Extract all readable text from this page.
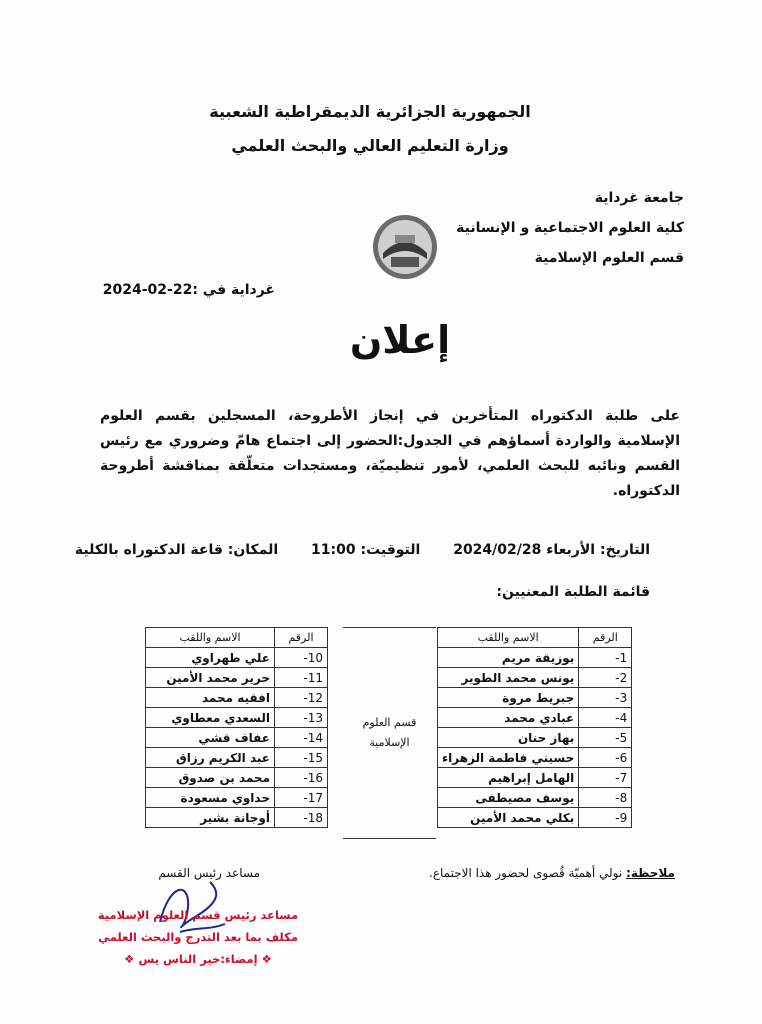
الجمهورية الجزائرية الديمقراطية الشعبية
وزارة التعليم العالي والبحث العلمي
جامعة غرداية
كلية العلوم الاجتماعية و الإنسانية
قسم العلوم الإسلامية
غرداية في :22-02-2024
إعلان
على طلبة الدكتوراه المتأخرين في إنجاز الأطروحة، المسجلين بقسم العلوم الإسلامية والواردة أسماؤهم في الجدول:الحضور إلى اجتماع هامّ وضروري مع رئيس القسم ونائبه للبحث العلمي، لأمور تنظيميّة، ومستجدات متعلّقة بمناقشة أطروحة الدكتوراه.
التاريخ: الأربعاء 2024/02/28 التوقيت: 11:00 المكان: قاعة الدكتوراه بالكلية
قائمة الطلبة المعنيين:
الرقم	الاسم واللقب
1-	بوزيقة مريم
2-	يونس محمد الطوير
3-	جبريط مروة
4-	عبادي محمد
5-	بهاز حنان
6-	حسيني فاطمة الزهراء
7-	الهامل إبراهيم
8-	يوسف مصيطفى
9-	بكلي محمد الأمين
قسم العلوم
الإسلامية
الرقم	الاسم واللقب
10-	علي طهراوي
11-	حرير محمد الأمين
12-	افقيه محمد
13-	السعدي معطاوي
14-	عفاف قشي
15-	عبد الكريم رزاق
16-	محمد بن صدوق
17-	حداوي مسعودة
18-	أوجانة بشير
ملاحظة: نولي أهميّة قُصوى لحضور هذا الاجتماع.
مساعد رئيس القسم
مساعد رئيس قسم العلوم الإسلامية
مكلف بما بعد التدرج والبحث العلمي
❖ إمضاء:خير الناس يس ❖
